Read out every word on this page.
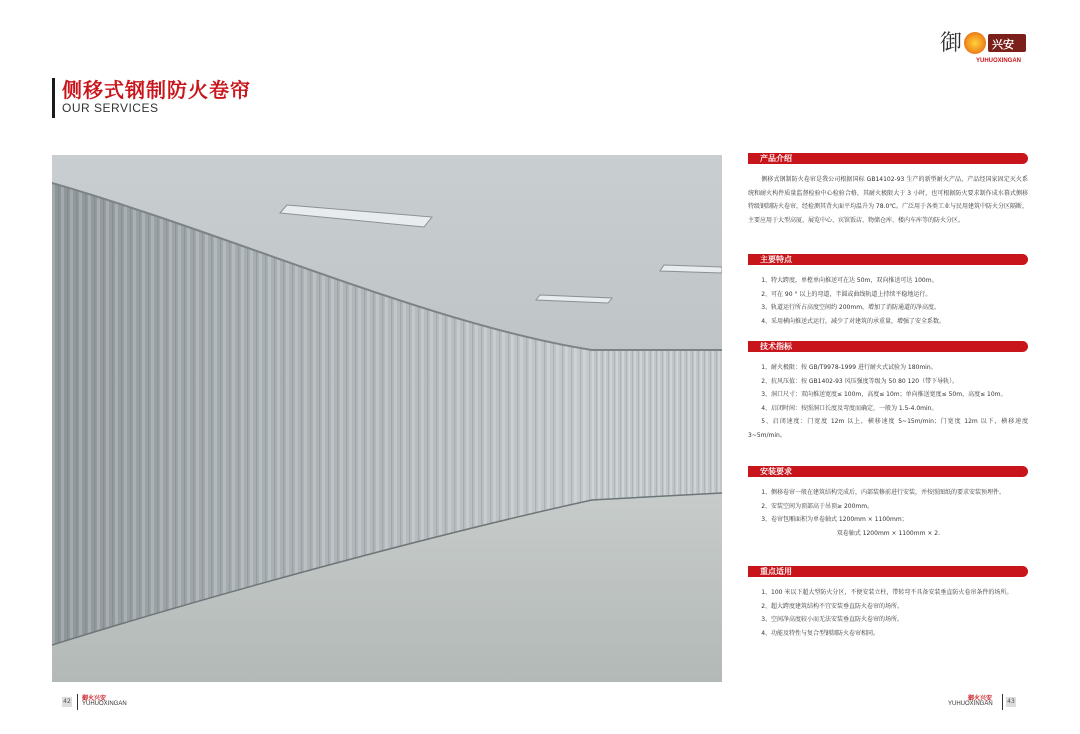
侧移式钢制防火卷帘
OUR SERVICES
御	兴安
YUHUOXINGAN
产品介绍
侧移式钢制防火卷帘是我公司根据国标 GB14102-93 生产的新型耐火产品，产品经国家固定灭火系统和耐火构件质量监督检验中心检验合格，其耐火极限大于 3 小时，也可根据防火要求制作成水幕式侧移特级钢制防火卷帘，经检测其背火面平均温升为 78.0℃。广泛用于各类工业与民用建筑中防火分区隔断，主要应用于大型高厦、展览中心、宾馆饭店、物储仓库、楼内车库等的防火分区。
主要特点
1、特大跨度，单樘单向推送可在达 50m，双向推送可达 100m。
2、可在 90 ° 以上的弯道，半圆或曲线轨道上持续平稳地运行。
3、轨道运行所占高度空间约 200mm，增加了消防通道的净高度。
4、采用横向推送式运行，减少了对建筑的承重量，增强了安全系数。
技术指标
1、耐火极限：按 GB/T9978-1999 进行耐火式试验为 180min。
2、抗风压值：按 GB1402-93 风压强度等级为 50 80 120（带下导轨）。
3、洞口尺寸：双向推送宽度≤ 100m，高度≤ 10m；单向推送宽度≤ 50m，高度≤ 10m。
4、启闭时间：按照洞口长度及弯度而确定，一般为 1.5-4.0min。
5、启闭速度：门宽度 12m 以上，横移速度 5~15m/min；门宽度 12m 以下，横移速度 3~5m/min。
安装要求
1、侧移卷帘一般在建筑结构完成后，内部装修前进行安装，并按照图纸的要求安装预埋件。
2、安装空间为顶部高于吊顶≥ 200mm。
3、卷帘包厢面积为单卷轴式 1200mm × 1100mm；
双卷轴式 1200mm × 1100mm × 2.
重点适用
1、100 米以下超大型防火分区，不便安装立柱，带转弯不具备安装垂直防火卷帘条件的场所。
2、超大跨度建筑结构不宜安装垂直防火卷帘的场所。
3、空间净高度较小而无法安装垂直防火卷帘的场所。
4、功能及特性与复合型钢制防火卷帘相同。
42 御火兴安
YUHUOXINGAN
御火兴安
YUHUOXINGAN 43
